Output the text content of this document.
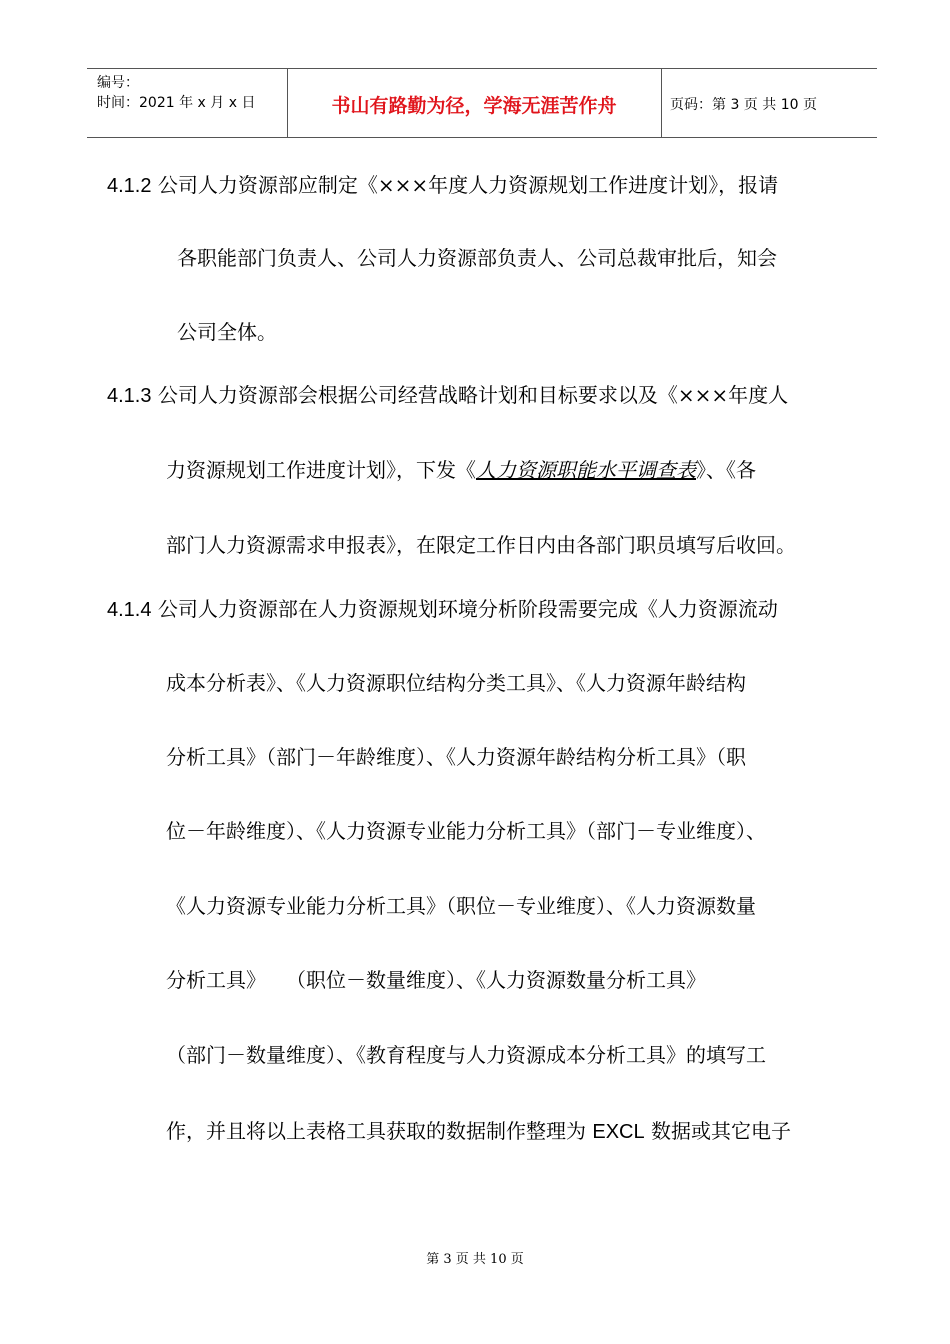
编号：
时间：2021 年 x 月 x 日	书山有路勤为径，学海无涯苦作舟	页码：第 3 页 共 10 页
4.1.2 公司人力资源部应制定《×××年度人力资源规划工作进度计划》，报请
各职能部门负责人、公司人力资源部负责人、公司总裁审批后，知会
公司全体。
4.1.3 公司人力资源部会根据公司经营战略计划和目标要求以及《×××年度人
力资源规划工作进度计划》，下发《人力资源职能水平调查表》、《各
部门人力资源需求申报表》，在限定工作日内由各部门职员填写后收回。
4.1.4 公司人力资源部在人力资源规划环境分析阶段需要完成《人力资源流动
成本分析表》、《人力资源职位结构分类工具》、《人力资源年龄结构
分析工具》（部门－年龄维度）、《人力资源年龄结构分析工具》（职
位－年龄维度）、《人力资源专业能力分析工具》（部门－专业维度）、
《人力资源专业能力分析工具》（职位－专业维度）、《人力资源数量
分析工具》　　（职位－数量维度）、《人力资源数量分析工具》
（部门－数量维度）、《教育程度与人力资源成本分析工具》的填写工
作，并且将以上表格工具获取的数据制作整理为 EXCL 数据或其它电子
第 3 页 共 10 页
